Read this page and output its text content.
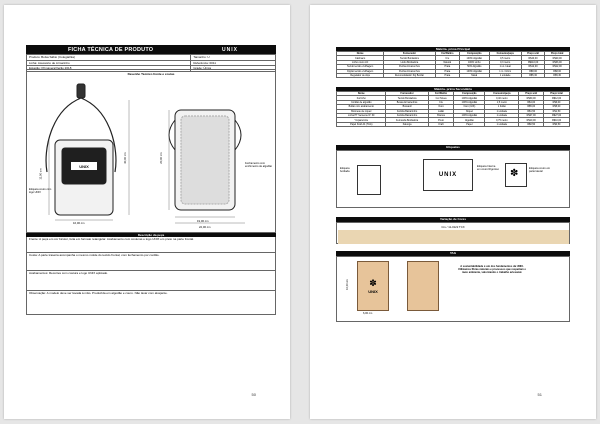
FICHA TÉCNICA DE PRODUTO	UNIX
Produto: Bolsa Sábio (Colegial/ka)	Tamanho: U
Linha: Acessório de Armarinho	Referência: 0011
Estação: Primavera/Verão 2018	Grade: Única
Desenho Técnico frente e costas
UNIX
16,00 cm	19,00 cm
22,00 cm
11,00 cm
20,00 cm
40,00 cm
Etiqueta couro com logo UNIX
Fechamento com enchimento de algodão
Descrição da peça
Frente: A peça em cor bicolor, feita em formato retangular. Acabamento com costuras e logo UNIX em preto na parte frontal.
Costa: A parte traseira acompanha o mesmo molde do tecido frontal, com fechamento por cordão.
Acabamentos: Recortes com costura e logo UNIX aplicado.
Observação: A modelo deve ser lavada à mão. Produzida em algodão e couro. Não lavar com alvejante.
50
Matéria- prima Principal
Nome	Fornecedor	Cor/Ranho	Composição	Consumo/peça	Preço unit	Preço total
Cádmaco	Tecido Bordadora	Cru	100% Algodão	0,5 metro	R$40,00	R$20,00
Linho couro LN	Lindo Bordadora	Natural	100% Linho	0,3 metro	R$110,00	R$33,00
Tecido tecido ervilhagem	Penha Armazenhos	Prata	50% Algodão	1 un. Ideal	R$12,00	R$12,00
Opção tecido ervilhagem	Penha Armazenhos	Prata	100% Algodão	1 m / 10cm	R$8,00	R$8,00
Regulador de Alça	Reconsolidador/ Zig Bordar	Prata	Metal	1 unidade	R$5,30	R$5,30
Matéria- prima Secundária
Nome	Fornecedor	Cor/Ranho	Composição	Consumo/peça	Preço unit	Preço total
Forrinho	Tecido Bordadora	Cor Nívea	100% Algodão	0,40 metro	R$30,00	R$12,00
Cordão de algodão	Bossa Armazenhos	Cru	100% Algodão	1,5 metro	R$4,00	R$6,00
Botão com acabamento	Bossanil	Ouro	Ouro (10K)	1 botão	R$5,00	R$5,00
Botonete de níquel	Felicita Bazaminho	Latão	Níquel	1 unidade	R$1,50	R$1,50
Linha PT Semente Nº 30	Felicita Bazaminho	Branca	100% Algodão	1 unidade	R$27,00	R$27,00
Ymparacorte	Fernanda Bordadora	Preto	Algodão	0,75 metro	R$10,00	R$10,00
Papel Kraft A4 (TAG)	Kalunga	Kraft	Papel	1 unidade	R$0,50	R$0,50
Etiquetas
Etiqueta bordada
UNIX
Etiqueta Interna em couro Rigoroso ✽	Etiqueta couro em parte lateral
Variação de Cores
Cru / 11-0122 TCX
TAG
✽
UNIX
6,00 cm
10,00 cm
A sustentabilidade é um dos fundamentos da UNIX. Utilizamos fibras naturais e processos que respeitam o meio ambiente, valorizando o trabalho artesanal.
51
